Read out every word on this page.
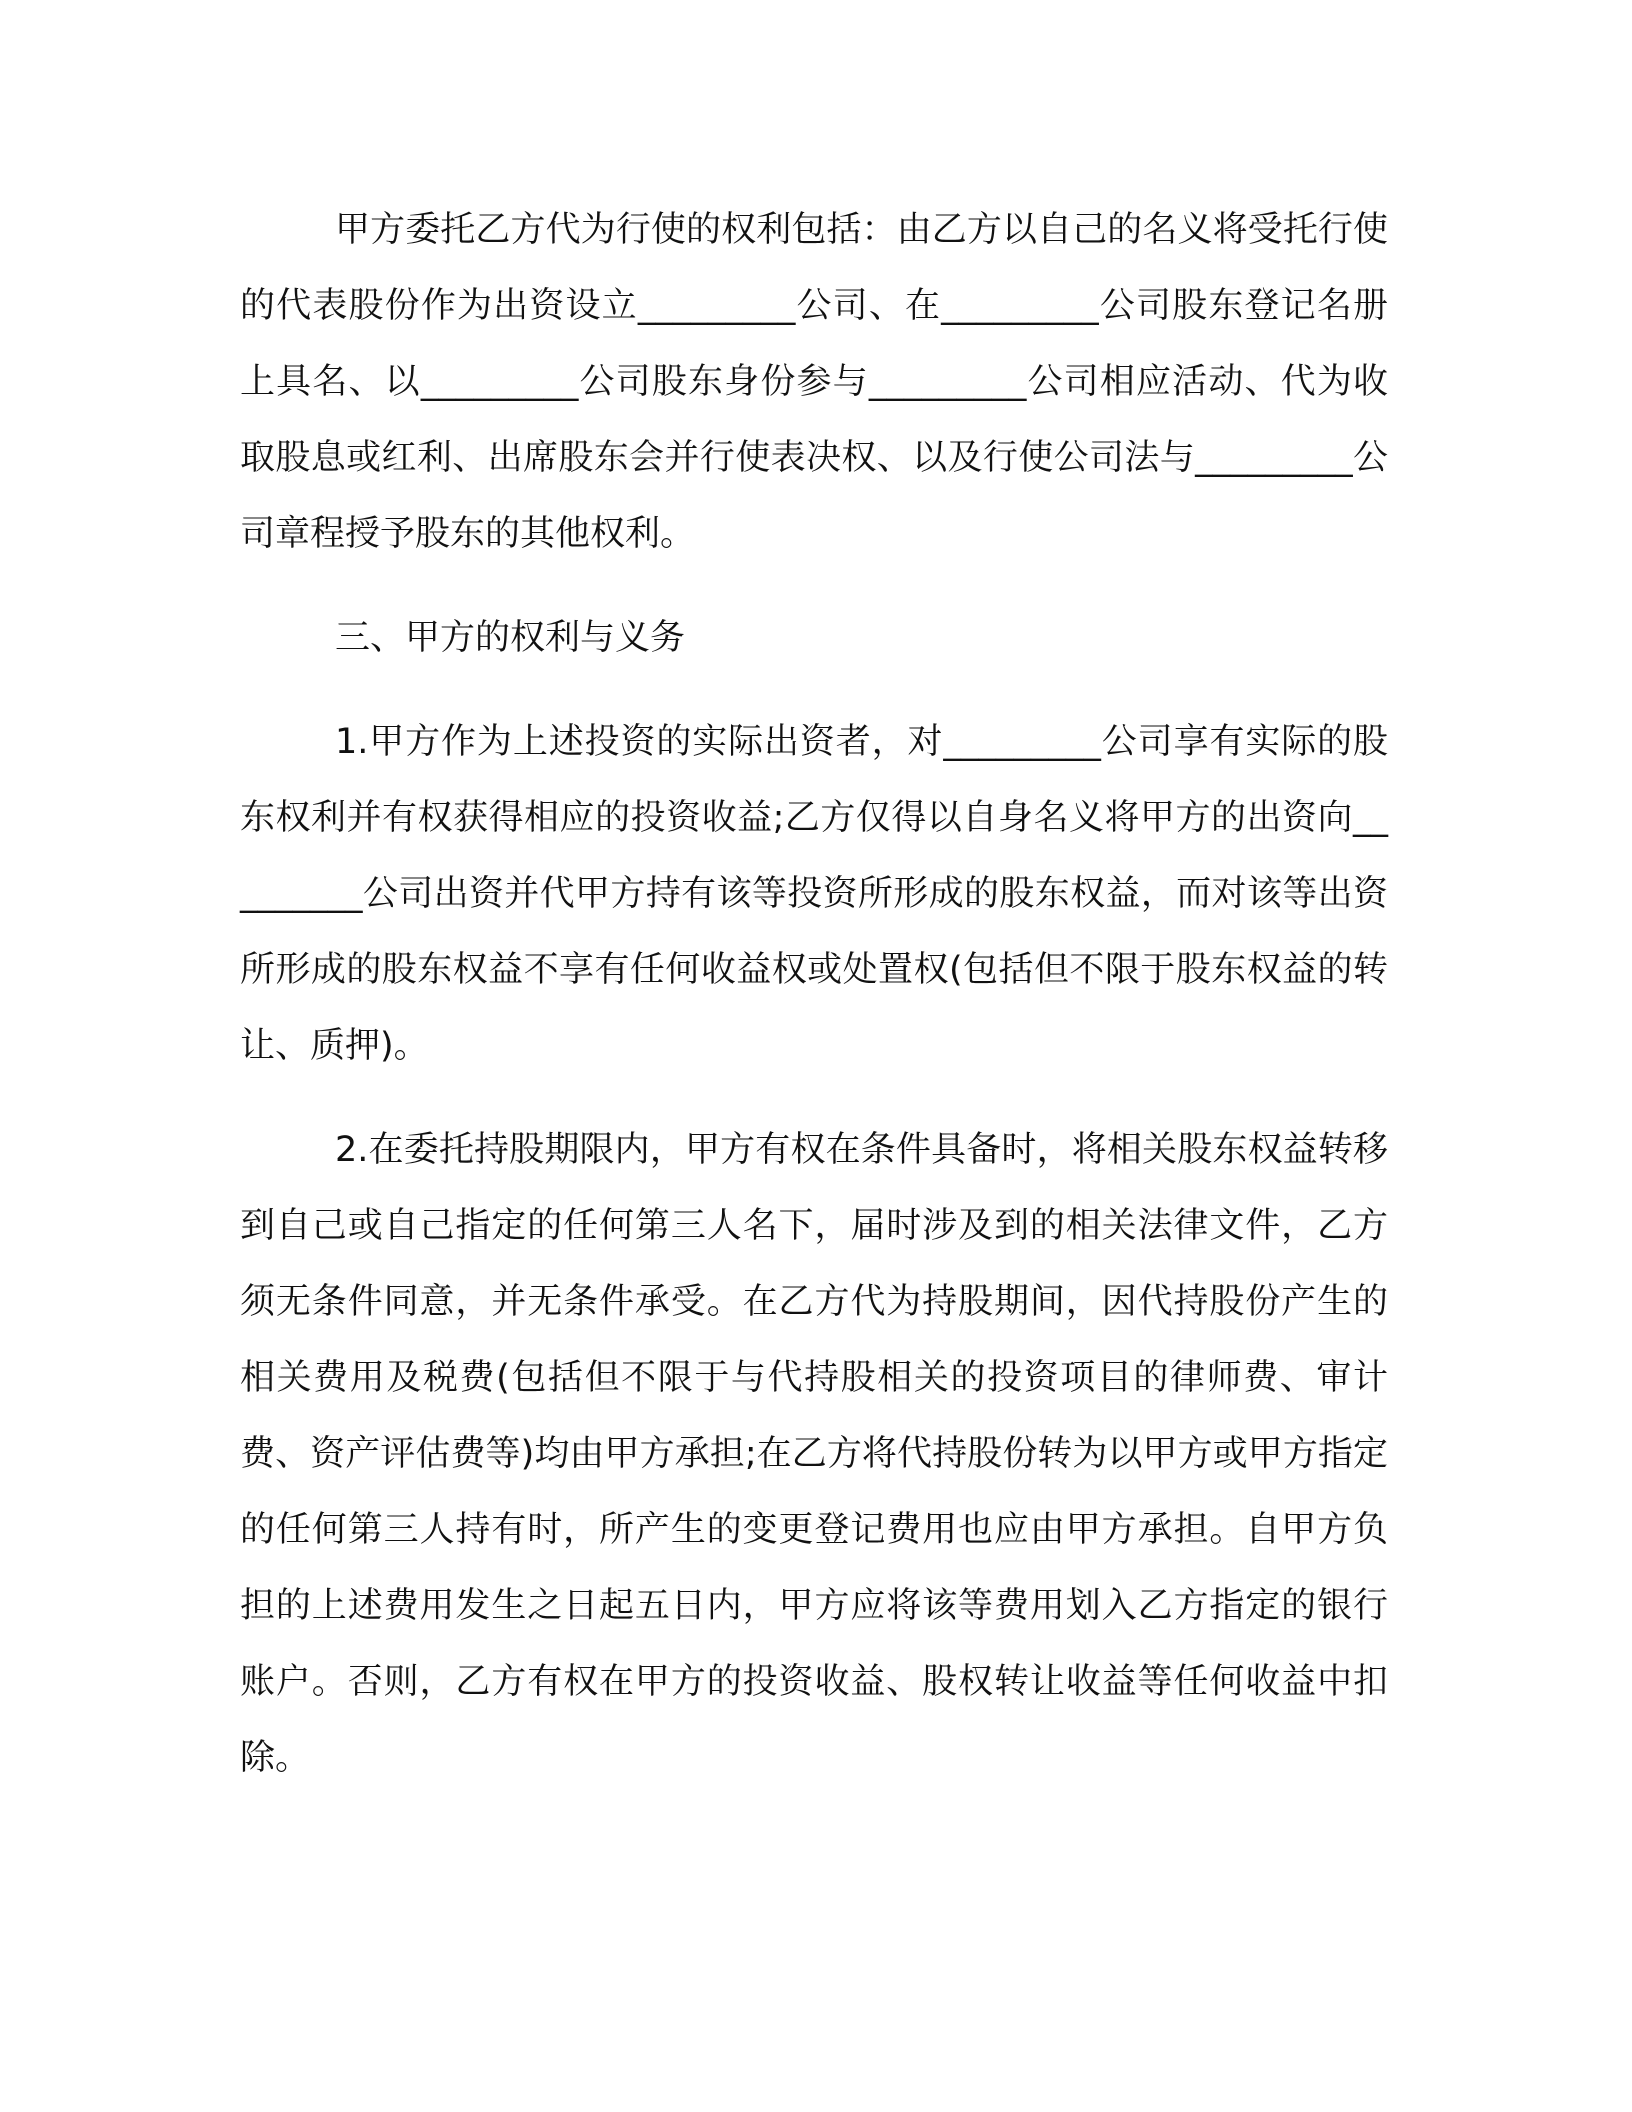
甲方委托乙方代为行使的权利包括：由乙方以自己的名义将受托行使的代表股份作为出资设立_________公司、在_________公司股东登记名册上具名、以_________公司股东身份参与_________公司相应活动、代为收取股息或红利、出席股东会并行使表决权、以及行使公司法与_________公司章程授予股东的其他权利。

三、甲方的权利与义务

1.甲方作为上述投资的实际出资者，对_________公司享有实际的股东权利并有权获得相应的投资收益;乙方仅得以自身名义将甲方的出资向_________公司出资并代甲方持有该等投资所形成的股东权益，而对该等出资所形成的股东权益不享有任何收益权或处置权(包括但不限于股东权益的转让、质押)。

2.在委托持股期限内，甲方有权在条件具备时，将相关股东权益转移到自己或自己指定的任何第三人名下，届时涉及到的相关法律文件，乙方须无条件同意，并无条件承受。在乙方代为持股期间，因代持股份产生的相关费用及税费(包括但不限于与代持股相关的投资项目的律师费、审计费、资产评估费等)均由甲方承担;在乙方将代持股份转为以甲方或甲方指定的任何第三人持有时，所产生的变更登记费用也应由甲方承担。自甲方负担的上述费用发生之日起五日内，甲方应将该等费用划入乙方指定的银行账户。否则，乙方有权在甲方的投资收益、股权转让收益等任何收益中扣除。
